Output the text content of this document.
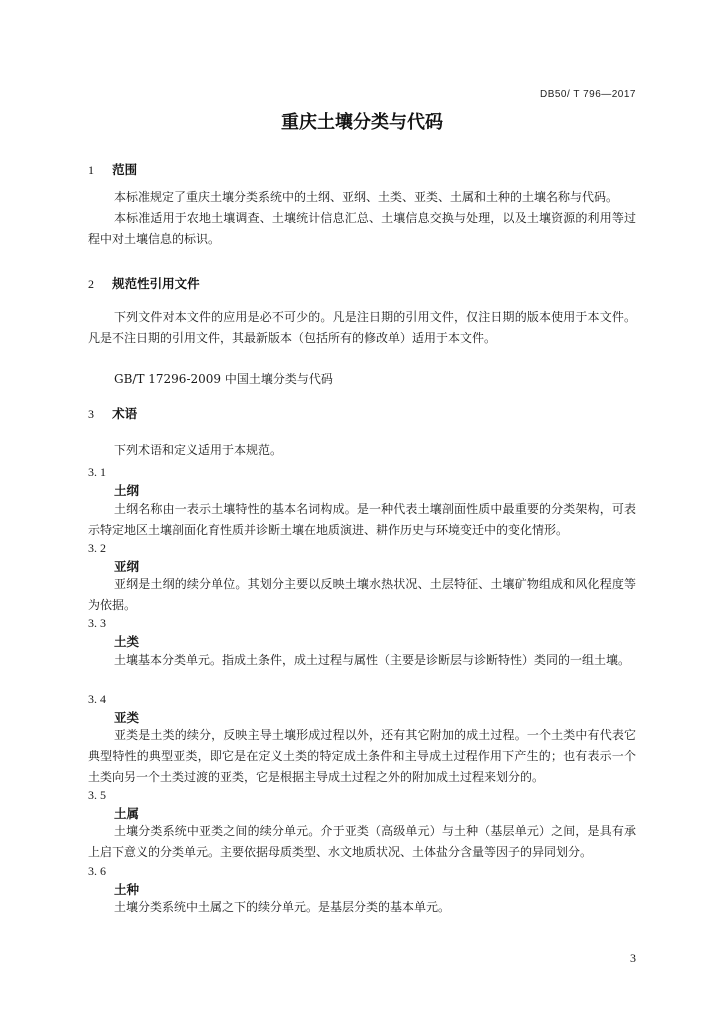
DB50/ T 796—2017
重庆土壤分类与代码
1 范围

本标准规定了重庆土壤分类系统中的土纲、亚纲、土类、亚类、土属和土种的土壤名称与代码。

本标准适用于农地土壤调查、土壤统计信息汇总、土壤信息交换与处理，以及土壤资源的利用等过程中对土壤信息的标识。

2 规范性引用文件

下列文件对本文件的应用是必不可少的。凡是注日期的引用文件，仅注日期的版本使用于本文件。凡是不注日期的引用文件，其最新版本（包括所有的修改单）适用于本文件。

GB/T 17296-2009 中国土壤分类与代码
3 术语

下列术语和定义适用于本规范。

3. 1
土纲

土纲名称由一表示土壤特性的基本名词构成。是一种代表土壤剖面性质中最重要的分类架构，可表示特定地区土壤剖面化育性质并诊断土壤在地质演进、耕作历史与环境变迁中的变化情形。

3. 2
亚纲

亚纲是土纲的续分单位。其划分主要以反映土壤水热状况、土层特征、土壤矿物组成和风化程度等为依据。

3. 3
土类

土壤基本分类单元。指成土条件，成土过程与属性（主要是诊断层与诊断特性）类同的一组土壤。

3. 4
亚类

亚类是土类的续分，反映主导土壤形成过程以外，还有其它附加的成土过程。一个土类中有代表它典型特性的典型亚类，即它是在定义土类的特定成土条件和主导成土过程作用下产生的；也有表示一个土类向另一个土类过渡的亚类，它是根据主导成土过程之外的附加成土过程来划分的。

3. 5
土属

土壤分类系统中亚类之间的续分单元。介于亚类（高级单元）与土种（基层单元）之间，是具有承上启下意义的分类单元。主要依据母质类型、水文地质状况、土体盐分含量等因子的异同划分。

3. 6
土种

土壤分类系统中土属之下的续分单元。是基层分类的基本单元。

3
